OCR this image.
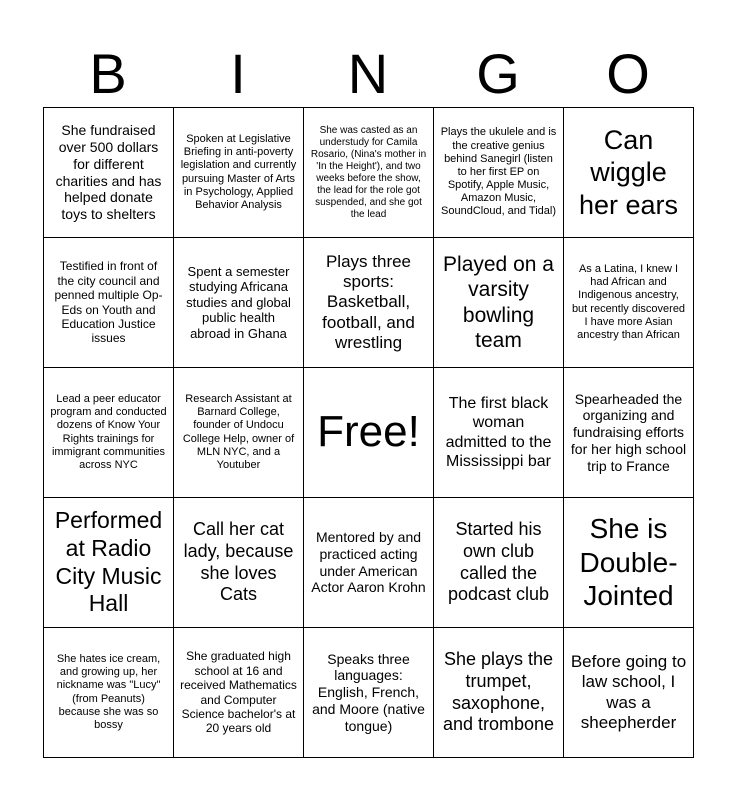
B	I	N	G	O
She fundraised over 500 dollars for different charities and has helped donate toys to shelters	Spoken at Legislative Briefing in anti-poverty legislation and currently pursuing Master of Arts in Psychology, Applied Behavior Analysis	She was casted as an understudy for Camila Rosario, (Nina's mother in 'In the Height'), and two weeks before the show, the lead for the role got suspended, and she got the lead	Plays the ukulele and is the creative genius behind Sanegirl (listen to her first EP on Spotify, Apple Music, Amazon Music, SoundCloud, and Tidal)	Can wiggle her ears
Testified in front of the city council and penned multiple Op-Eds on Youth and Education Justice issues	Spent a semester studying Africana studies and global public health abroad in Ghana	Plays three sports: Basketball, football, and wrestling	Played on a varsity bowling team	As a Latina, I knew I had African and Indigenous ancestry, but recently discovered I have more Asian ancestry than African
Lead a peer educator program and conducted dozens of Know Your Rights trainings for immigrant communities across NYC	Research Assistant at Barnard College, founder of Undocu College Help, owner of MLN NYC, and a Youtuber	Free!	The first black woman admitted to the Mississippi bar	Spearheaded the organizing and fundraising efforts for her high school trip to France
Performed at Radio City Music Hall	Call her cat lady, because she loves Cats	Mentored by and practiced acting under American Actor Aaron Krohn	Started his own club called the podcast club	She is Double-Jointed
She hates ice cream, and growing up, her nickname was "Lucy" (from Peanuts) because she was so bossy	She graduated high school at 16 and received Mathematics and Computer Science bachelor's at 20 years old	Speaks three languages: English, French, and Moore (native tongue)	She plays the trumpet, saxophone, and trombone	Before going to law school, I was a sheepherder
